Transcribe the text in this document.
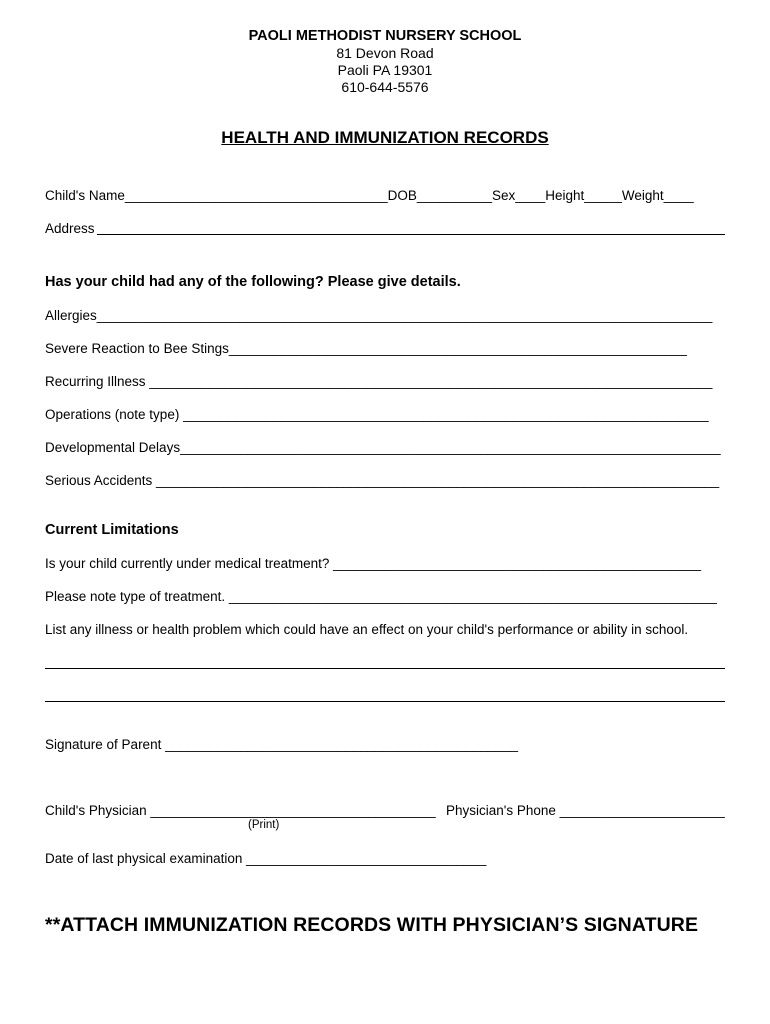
PAOLI METHODIST NURSERY SCHOOL
81 Devon Road
Paoli PA 19301
610-644-5576
HEALTH AND IMMUNIZATION RECORDS
Child's Name___________________________________DOB__________Sex____Height_____Weight____
Address
Has your child had any of the following? Please give details.
Allergies__________________________________________________________________________________
Severe Reaction to Bee Stings_____________________________________________________________
Recurring Illness ___________________________________________________________________________
Operations (note type) ______________________________________________________________________
Developmental Delays________________________________________________________________________
Serious Accidents ___________________________________________________________________________
Current Limitations
Is your child currently under medical treatment? _________________________________________________
Please note type of treatment. _________________________________________________________________
List any illness or health problem which could have an effect on your child's performance or ability in school.
Signature of Parent _______________________________________________
Child's Physician ______________________________________ Physician's Phone ______________________
(Print)
Date of last physical examination ________________________________
**ATTACH IMMUNIZATION RECORDS WITH PHYSICIAN’S SIGNATURE
